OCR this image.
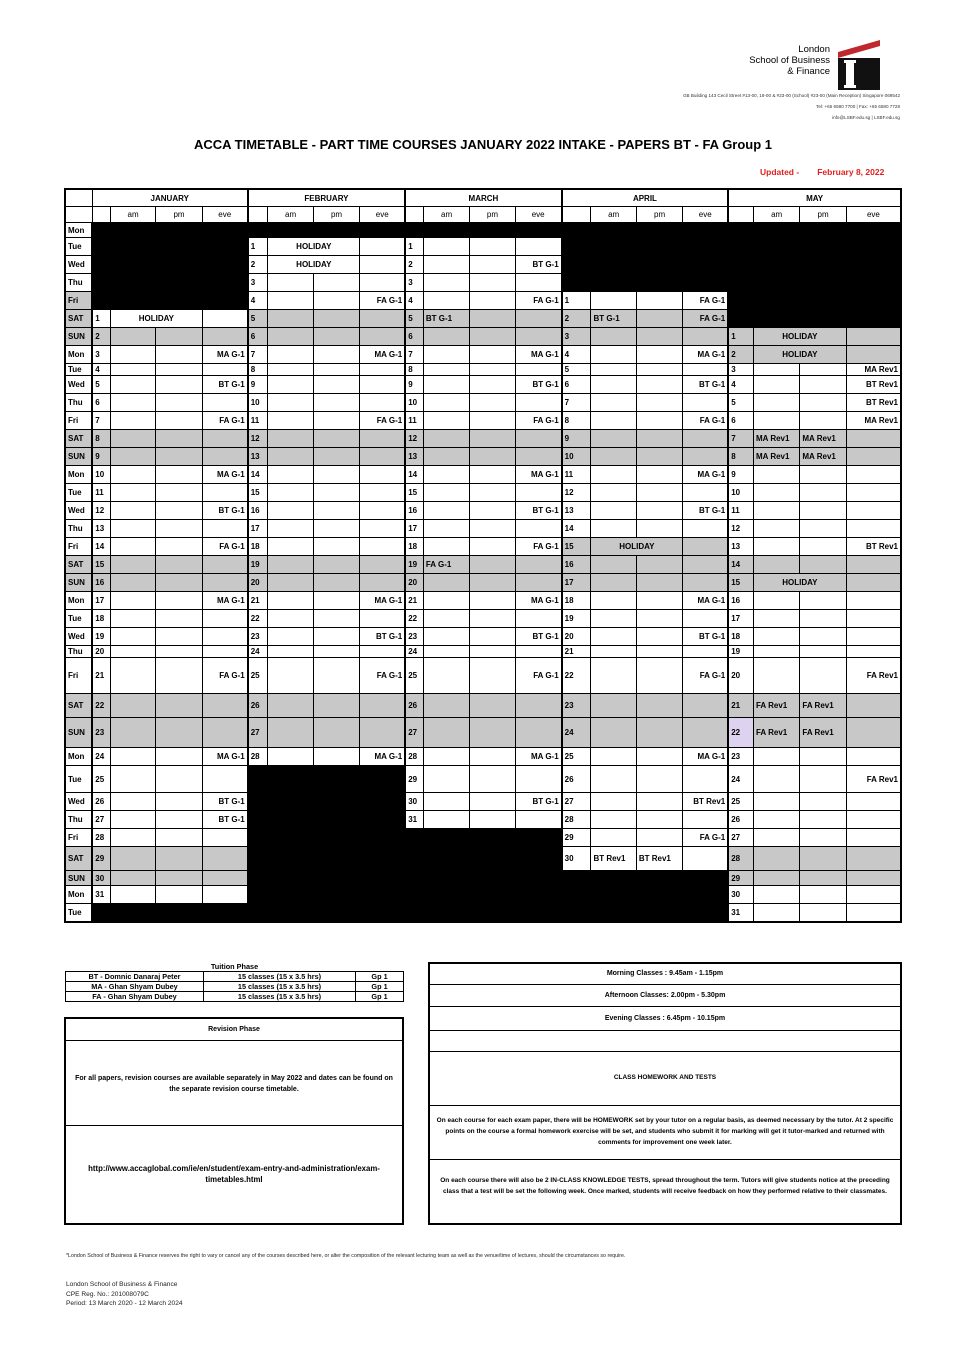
London
School of Business
& Finance
GB Building 143 Cecil Street #13-00, 18-00 & #23-00 (School) #23-00 (Main Reception) Singapore 069542
Tel: +65 6580 7700 | Fax: +65 6580 7728
info@LSBF.edu.sg | LSBF.edu.sg
ACCA TIMETABLE - PART TIME COURSES JANUARY 2022 INTAKE - PAPERS BT - FA Group 1
Updated - February 8, 2022
	JANUARY				FEBRUARY				MARCH				APRIL				MAY			
		am	pm	eve		am	pm	eve		am	pm	eve		am	pm	eve		am	pm	eve
Mon																				
Tue					1	HOLIDAY			1											
Wed					2	HOLIDAY			2			BT G-1								
Thu					3				3											
Fri					4			FA G-1	4			FA G-1	1			FA G-1				
SAT	1	HOLIDAY			5				5	BT G-1			2	BT G-1		FA G-1				
SUN	2				6				6				3				1	HOLIDAY		
Mon	3			MA G-1	7			MA G-1	7			MA G-1	4			MA G-1	2	HOLIDAY		
Tue	4				8				8				5				3			MA Rev1
Wed	5			BT G-1	9				9			BT G-1	6			BT G-1	4			BT Rev1
Thu	6				10				10				7				5			BT Rev1
Fri	7			FA G-1	11			FA G-1	11			FA G-1	8			FA G-1	6			MA Rev1
SAT	8				12				12				9				7	MA Rev1	MA Rev1	
SUN	9				13				13				10				8	MA Rev1	MA Rev1	
Mon	10			MA G-1	14				14			MA G-1	11			MA G-1	9			
Tue	11				15				15				12				10			
Wed	12			BT G-1	16				16			BT G-1	13			BT G-1	11			
Thu	13				17				17				14				12			
Fri	14			FA G-1	18				18			FA G-1	15	HOLIDAY			13			BT Rev1
SAT	15				19				19	FA G-1			16				14			
SUN	16				20				20				17				15	HOLIDAY		
Mon	17			MA G-1	21			MA G-1	21			MA G-1	18			MA G-1	16			
Tue	18				22				22				19				17			
Wed	19				23			BT G-1	23			BT G-1	20			BT G-1	18			
Thu	20				24				24				21				19			
Fri	21			FA G-1	25			FA G-1	25			FA G-1	22			FA G-1	20			FA Rev1
SAT	22				26				26				23				21	FA Rev1	FA Rev1	
SUN	23				27				27				24				22	FA Rev1	FA Rev1	
Mon	24			MA G-1	28			MA G-1	28			MA G-1	25			MA G-1	23			
Tue	25								29				26				24			FA Rev1
Wed	26			BT G-1					30			BT G-1	27			BT Rev1	25			
Thu	27			BT G-1					31				28				26			
Fri	28												29			FA G-1	27			
SAT	29												30	BT Rev1	BT Rev1		28			
SUN	30																29			
Mon	31																30			
Tue																	31			
Tuition Phase		
BT - Domnic Danaraj Peter	15 classes (15 x 3.5 hrs)	Gp 1
MA - Ghan Shyam Dubey	15 classes (15 x 3.5 hrs)	Gp 1
FA - Ghan Shyam Dubey	15 classes (15 x 3.5 hrs)	Gp 1
Revision Phase
For all papers, revision courses are available separately in May 2022 and dates can be found on the separate revision course timetable.
http://www.accaglobal.com/ie/en/student/exam-entry-and-administration/exam-timetables.html
Morning Classes : 9.45am - 1.15pm
Afternoon Classes: 2.00pm - 5.30pm
Evening Classes : 6.45pm - 10.15pm
CLASS HOMEWORK AND TESTS
On each course for each exam paper, there will be HOMEWORK set by your tutor on a regular basis, as deemed necessary by the tutor. At 2 specific points on the course a formal homework exercise will be set, and students who submit it for marking will get it tutor-marked and returned with comments for improvement one week later.
On each course there will also be 2 IN-CLASS KNOWLEDGE TESTS, spread throughout the term. Tutors will give students notice at the preceding class that a test will be set the following week. Once marked, students will receive feedback on how they performed relative to their classmates.
*London School of Business & Finance reserves the right to vary or cancel any of the courses described here, or alter the composition of the relevant lecturing team as well as the venue/time of lectures, should the circumstances so require.
London School of Business & Finance
CPE Reg. No.: 201008079C
Period: 13 March 2020 - 12 March 2024
